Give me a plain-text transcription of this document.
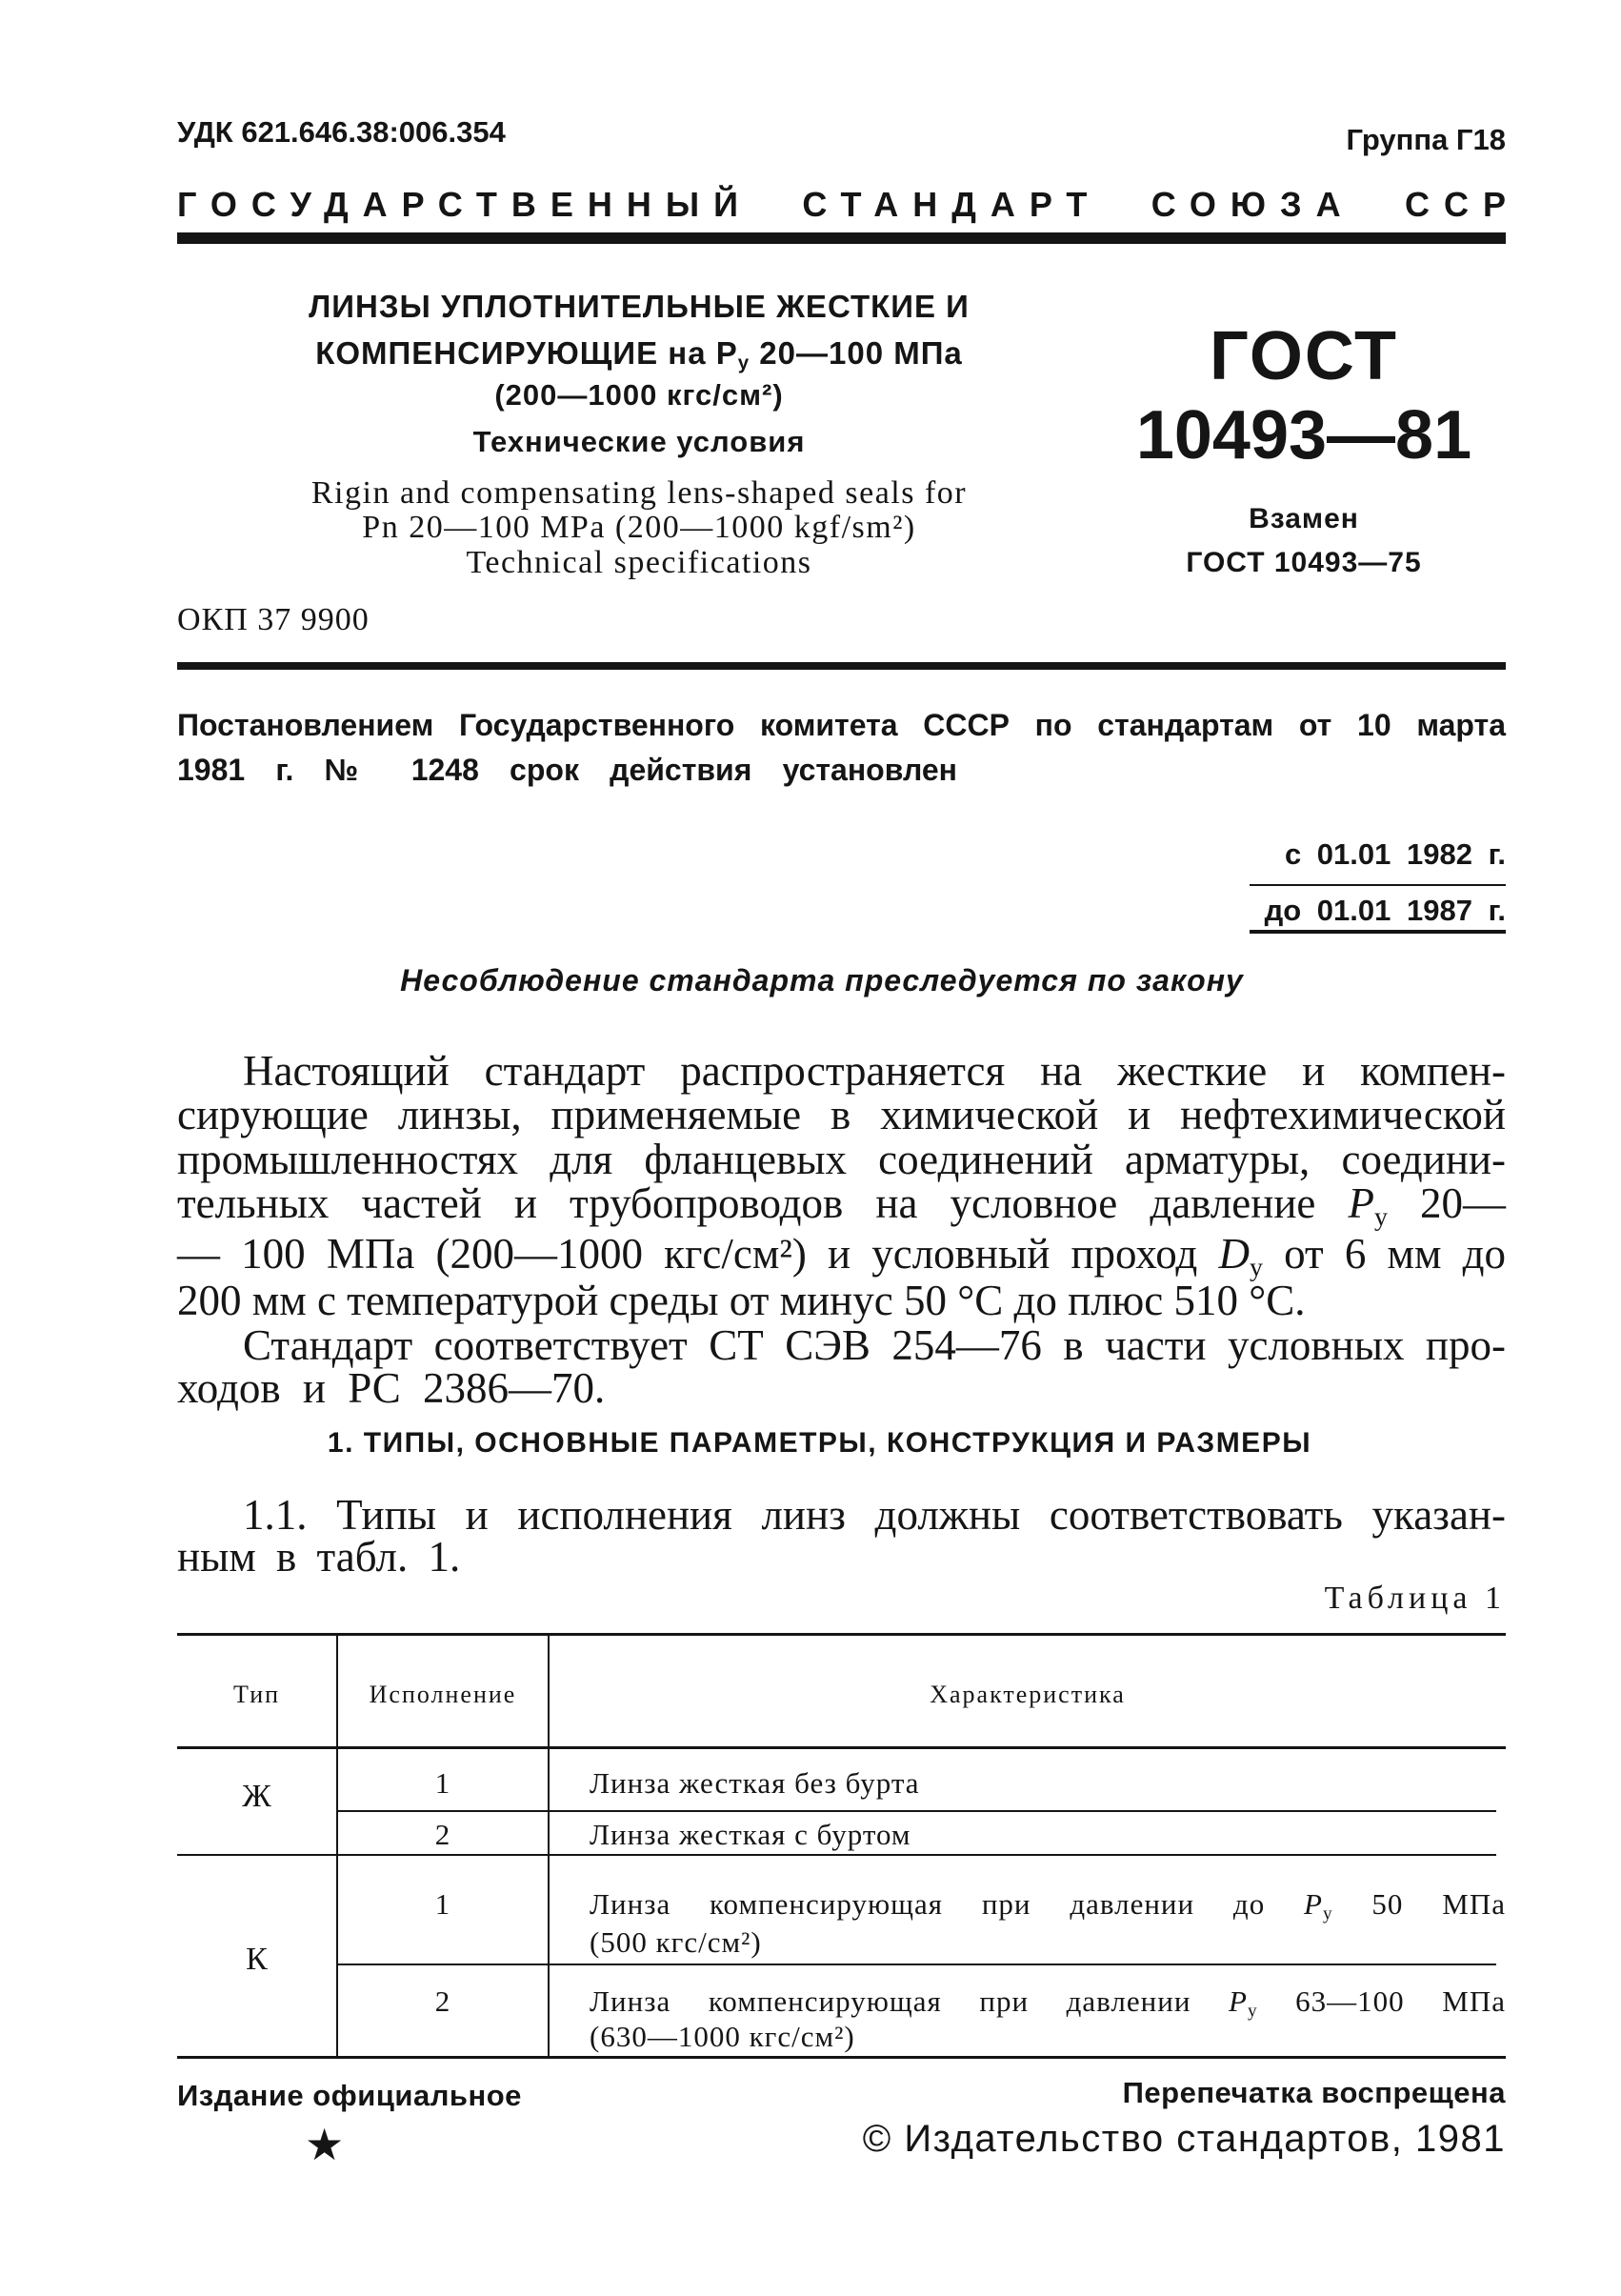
УДК 621.646.38:006.354	Группа Г18
ГОСУДАРСТВЕННЫЙ СТАНДАРТ СОЮЗА ССР
ЛИНЗЫ УПЛОТНИТЕЛЬНЫЕ ЖЕСТКИЕ И
КОМПЕНСИРУЮЩИЕ на $P_у$ 20—100 МПа
(200—1000 кгс/см²)
Технические условия
Rigin and compensating lens-shaped seals for
Pn 20—100 MPa (200—1000 kgf/sm²)
Technical specifications
ОКП 37 9900
ГОСТ
10493—81
Взамен
ГОСТ 10493—75
Постановлением Государственного комитета СССР по стандартам от 10 марта
1981 г. № 1248 срок действия установлен
с 01.01 1982 г.
до 01.01 1987 г.
Несоблюдение стандарта преследуется по закону
Настоящий стандарт распространяется на жесткие и компен-
сирующие линзы, применяемые в химической и нефтехимической
промышленностях для фланцевых соединений арматуры, соедини-
тельных частей и трубопроводов на условное давление $P_у$ 20—
— 100 МПа (200—1000 кгс/см²) и условный проход $D_у$ от 6 мм до
200 мм с температурой среды от минус 50 °С до плюс 510 °С.
Стандарт соответствует СТ СЭВ 254—76 в части условных про-
ходов и РС 2386—70.
1. ТИПЫ, ОСНОВНЫЕ ПАРАМЕТРЫ, КОНСТРУКЦИЯ И РАЗМЕРЫ
1.1. Типы и исполнения линз должны соответствовать указан-
ным в табл. 1.
Таблица 1
Тип	Исполнение	Характеристика
Ж	1	Линза жесткая без бурта
2	Линза жесткая с буртом
К
1	Линза компенсирующая при давлении до $P_у$ 50 МПа
(500 кгс/см²)
2	Линза компенсирующая при давлении $P_у$ 63—100 МПа
(630—1000 кгс/см²)
Издание официальное
★
Перепечатка воспрещена
© Издательство стандартов, 1981
